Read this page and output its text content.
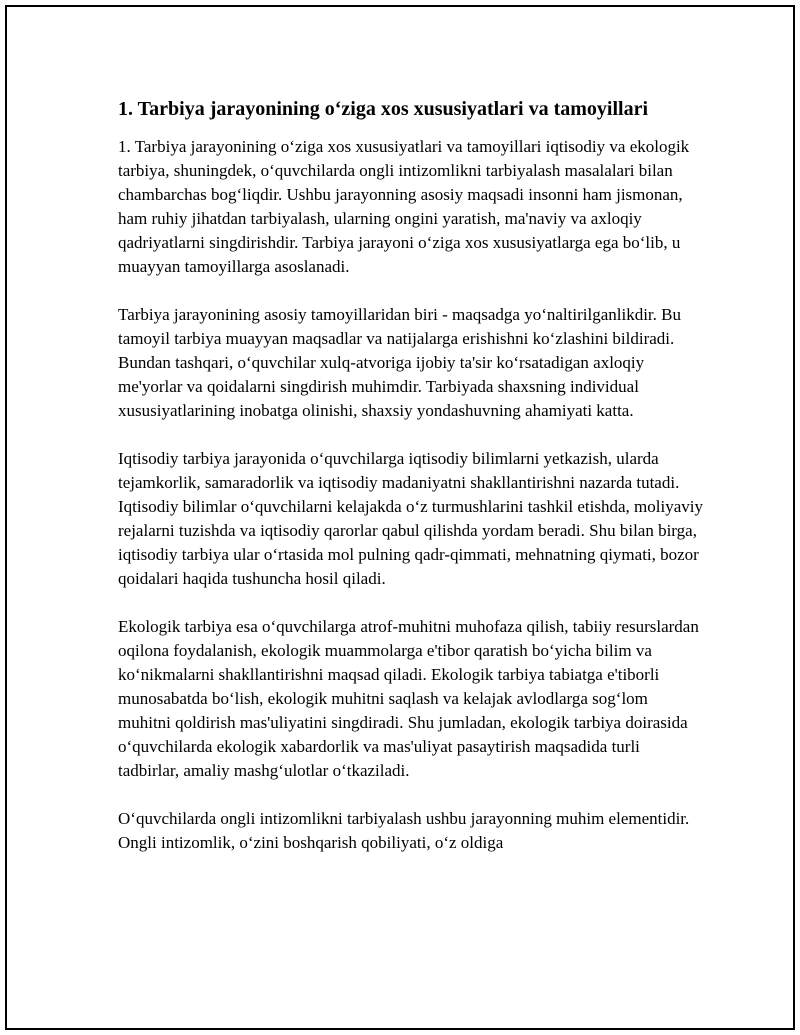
1. Tarbiya jarayonining o‘ziga xos xususiyatlari va tamoyillari

1. Tarbiya jarayonining o‘ziga xos xususiyatlari va tamoyillari iqtisodiy va ekologik tarbiya, shuningdek, o‘quvchilarda ongli intizomlikni tarbiyalash masalalari bilan chambarchas bog‘liqdir. Ushbu jarayonning asosiy maqsadi insonni ham jismonan, ham ruhiy jihatdan tarbiyalash, ularning ongini yaratish, ma'naviy va axloqiy qadriyatlarni singdirishdir. Tarbiya jarayoni o‘ziga xos xususiyatlarga ega bo‘lib, u muayyan tamoyillarga asoslanadi.

Tarbiya jarayonining asosiy tamoyillaridan biri - maqsadga yo‘naltirilganlikdir. Bu tamoyil tarbiya muayyan maqsadlar va natijalarga erishishni ko‘zlashini bildiradi. Bundan tashqari, o‘quvchilar xulq-atvoriga ijobiy ta'sir ko‘rsatadigan axloqiy me'yorlar va qoidalarni singdirish muhimdir. Tarbiyada shaxsning individual xususiyatlarining inobatga olinishi, shaxsiy yondashuvning ahamiyati katta.

Iqtisodiy tarbiya jarayonida o‘quvchilarga iqtisodiy bilimlarni yetkazish, ularda tejamkorlik, samaradorlik va iqtisodiy madaniyatni shakllantirishni nazarda tutadi. Iqtisodiy bilimlar o‘quvchilarni kelajakda o‘z turmushlarini tashkil etishda, moliyaviy rejalarni tuzishda va iqtisodiy qarorlar qabul qilishda yordam beradi. Shu bilan birga, iqtisodiy tarbiya ular o‘rtasida mol pulning qadr-qimmati, mehnatning qiymati, bozor qoidalari haqida tushuncha hosil qiladi.

Ekologik tarbiya esa o‘quvchilarga atrof-muhitni muhofaza qilish, tabiiy resurslardan oqilona foydalanish, ekologik muammolarga e'tibor qaratish bo‘yicha bilim va ko‘nikmalarni shakllantirishni maqsad qiladi. Ekologik tarbiya tabiatga e'tiborli munosabatda bo‘lish, ekologik muhitni saqlash va kelajak avlodlarga sog‘lom muhitni qoldirish mas'uliyatini singdiradi. Shu jumladan, ekologik tarbiya doirasida o‘quvchilarda ekologik xabardorlik va mas'uliyat pasaytirish maqsadida turli tadbirlar, amaliy mashg‘ulotlar o‘tkaziladi.

O‘quvchilarda ongli intizomlikni tarbiyalash ushbu jarayonning muhim elementidir. Ongli intizomlik, o‘zini boshqarish qobiliyati, o‘z oldiga
